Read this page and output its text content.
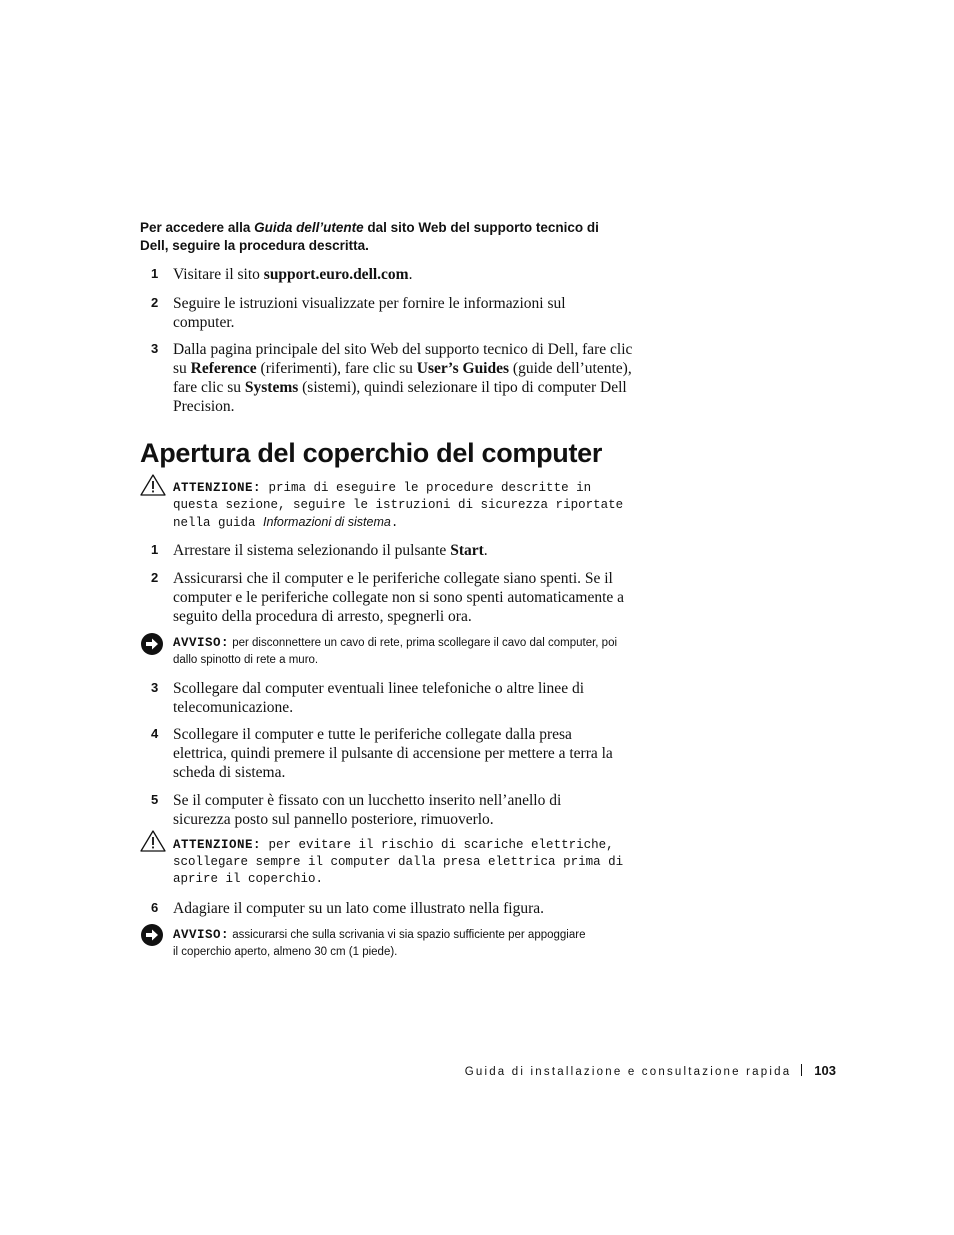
Per accedere alla Guida dell’utente dal sito Web del supporto tecnico di Dell, seguire la procedura descritta.
1 Visitare il sito support.euro.dell.com.
2 Seguire le istruzioni visualizzate per fornire le informazioni sul computer.
3 Dalla pagina principale del sito Web del supporto tecnico di Dell, fare clic su Reference (riferimenti), fare clic su User’s Guides (guide dell’utente), fare clic su Systems (sistemi), quindi selezionare il tipo di computer Dell Precision.
Apertura del coperchio del computer
ATTENZIONE: prima di eseguire le procedure descritte in questa sezione, seguire le istruzioni di sicurezza riportate nella guida Informazioni di sistema.
1 Arrestare il sistema selezionando il pulsante Start.
2 Assicurarsi che il computer e le periferiche collegate siano spenti. Se il computer e le periferiche collegate non si sono spenti automaticamente a seguito della procedura di arresto, spegnerli ora.
AVVISO: per disconnettere un cavo di rete, prima scollegare il cavo dal computer, poi dallo spinotto di rete a muro.
3 Scollegare dal computer eventuali linee telefoniche o altre linee di telecomunicazione.
4 Scollegare il computer e tutte le periferiche collegate dalla presa elettrica, quindi premere il pulsante di accensione per mettere a terra la scheda di sistema.
5 Se il computer è fissato con un lucchetto inserito nell’anello di sicurezza posto sul pannello posteriore, rimuoverlo.
ATTENZIONE: per evitare il rischio di scariche elettriche, scollegare sempre il computer dalla presa elettrica prima di aprire il coperchio.
6 Adagiare il computer su un lato come illustrato nella figura.
AVVISO: assicurarsi che sulla scrivania vi sia spazio sufficiente per appoggiare il coperchio aperto, almeno 30 cm (1 piede).
Guida di installazione e consultazione rapida 103
